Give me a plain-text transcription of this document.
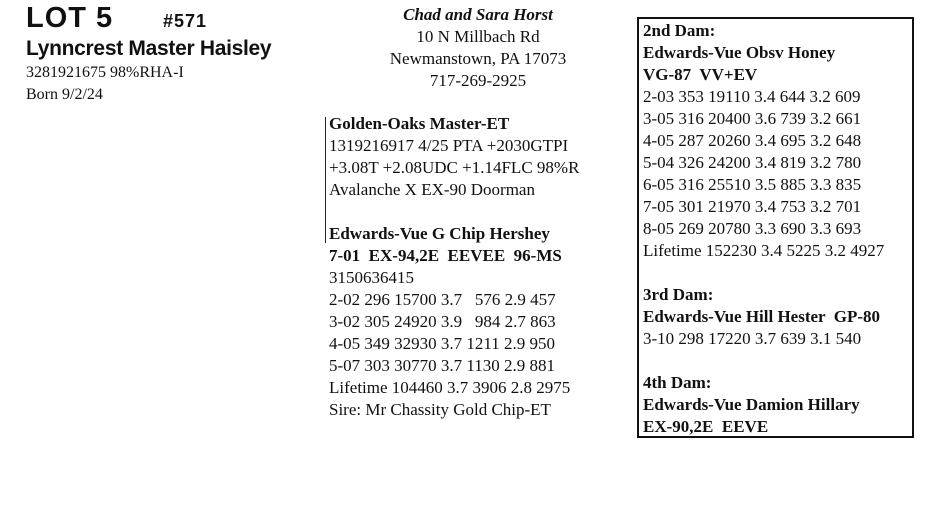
LOT 5	#571
Lynncrest Master Haisley
3281921675 98%RHA-I
Born 9/2/24
Chad and Sara Horst
10 N Millbach Rd
Newmanstown, PA 17073
717-269-2925
Golden-Oaks Master-ET
1319216917 4/25 PTA +2030GTPI
+3.08T +2.08UDC +1.14FLC 98%R
Avalanche X EX-90 Doorman
Edwards-Vue G Chip Hershey
7-01  EX-94,2E  EEVEE  96-MS
3150636415
2-02 296 15700 3.7   576 2.9 457
3-02 305 24920 3.9   984 2.7 863
4-05 349 32930 3.7 1211 2.9 950
5-07 303 30770 3.7 1130 2.9 881
Lifetime 104460 3.7 3906 2.8 2975
Sire: Mr Chassity Gold Chip-ET
2nd Dam:
Edwards-Vue Obsv Honey
VG-87  VV+EV
2-03 353 19110 3.4 644 3.2 609
3-05 316 20400 3.6 739 3.2 661
4-05 287 20260 3.4 695 3.2 648
5-04 326 24200 3.4 819 3.2 780
6-05 316 25510 3.5 885 3.3 835
7-05 301 21970 3.4 753 3.2 701
8-05 269 20780 3.3 690 3.3 693
Lifetime 152230 3.4 5225 3.2 4927
3rd Dam:
Edwards-Vue Hill Hester  GP-80
3-10 298 17220 3.7 639 3.1 540
4th Dam:
Edwards-Vue Damion Hillary
EX-90,2E  EEVE
